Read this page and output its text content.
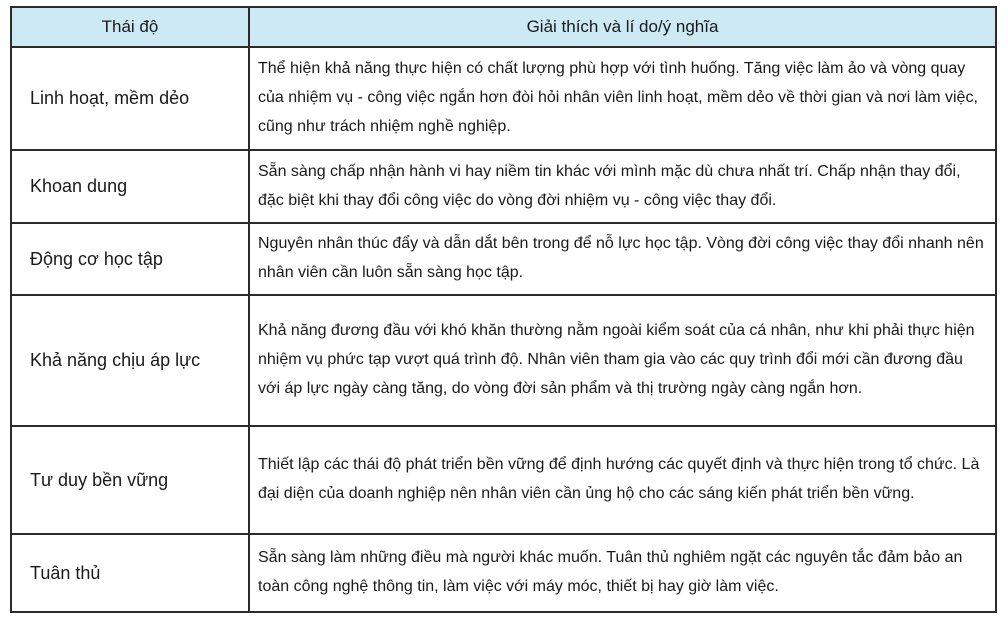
Thái độ	Giải thích và lí do/ý nghĩa
Linh hoạt, mềm dẻo	Thể hiện khả năng thực hiện có chất lượng phù hợp với tình huống. Tăng việc làm ảo và vòng quay của nhiệm vụ - công việc ngắn hơn đòi hỏi nhân viên linh hoạt, mềm dẻo về thời gian và nơi làm việc, cũng như trách nhiệm nghề nghiệp.
Khoan dung	Sẵn sàng chấp nhận hành vi hay niềm tin khác với mình mặc dù chưa nhất trí. Chấp nhận thay đổi, đặc biệt khi thay đổi công việc do vòng đời nhiệm vụ - công việc thay đổi.
Động cơ học tập	Nguyên nhân thúc đẩy và dẫn dắt bên trong để nỗ lực học tập. Vòng đời công việc thay đổi nhanh nên nhân viên cần luôn sẵn sàng học tập.
Khả năng chịu áp lực	Khả năng đương đầu với khó khăn thường nằm ngoài kiểm soát của cá nhân, như khi phải thực hiện nhiệm vụ phức tạp vượt quá trình độ. Nhân viên tham gia vào các quy trình đổi mới cần đương đầu với áp lực ngày càng tăng, do vòng đời sản phẩm và thị trường ngày càng ngắn hơn.
Tư duy bền vững	Thiết lập các thái độ phát triển bền vững để định hướng các quyết định và thực hiện trong tổ chức. Là đại diện của doanh nghiệp nên nhân viên cần ủng hộ cho các sáng kiến phát triển bền vững.
Tuân thủ	Sẵn sàng làm những điều mà người khác muốn. Tuân thủ nghiêm ngặt các nguyên tắc đảm bảo an toàn công nghệ thông tin, làm việc với máy móc, thiết bị hay giờ làm việc.
